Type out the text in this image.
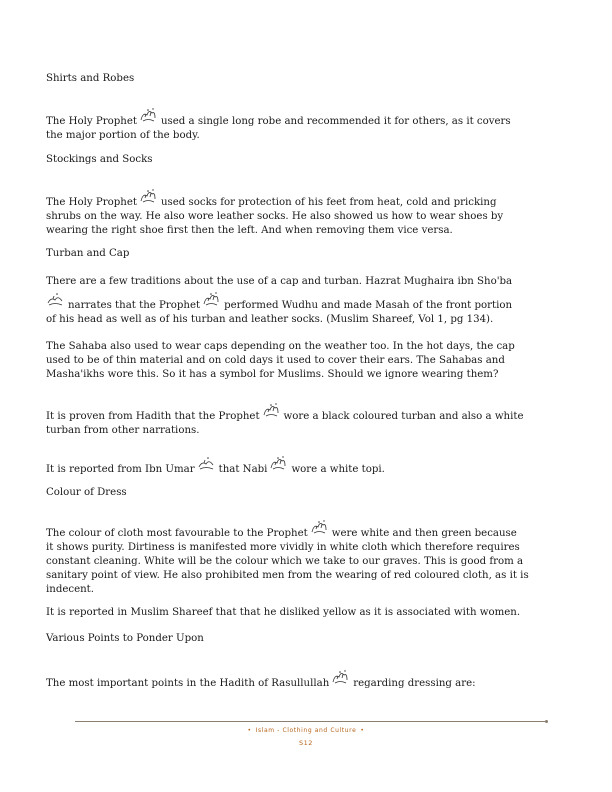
Shirts and Robes
The Holy Prophet used a single long robe and recommended it for others, as it covers
the major portion of the body.
Stockings and Socks
The Holy Prophet used socks for protection of his feet from heat, cold and pricking
shrubs on the way. He also wore leather socks. He also showed us how to wear shoes by
wearing the right shoe first then the left. And when removing them vice versa.
Turban and Cap
There are a few traditions about the use of a cap and turban. Hazrat Mughaira ibn Sho'ba
narrates that the Prophet performed Wudhu and made Masah of the front portion
of his head as well as of his turban and leather socks. (Muslim Shareef, Vol 1, pg 134).
The Sahaba also used to wear caps depending on the weather too. In the hot days, the cap
used to be of thin material and on cold days it used to cover their ears. The Sahabas and
Masha'ikhs wore this. So it has a symbol for Muslims. Should we ignore wearing them?
It is proven from Hadith that the Prophet wore a black coloured turban and also a white
turban from other narrations.
It is reported from Ibn Umar that Nabi wore a white topi.
Colour of Dress
The colour of cloth most favourable to the Prophet were white and then green because
it shows purity. Dirtiness is manifested more vividly in white cloth which therefore requires
constant cleaning. White will be the colour which we take to our graves. This is good from a
sanitary point of view. He also prohibited men from the wearing of red coloured cloth, as it is
indecent.
It is reported in Muslim Shareef that that he disliked yellow as it is associated with women.
Various Points to Ponder Upon
The most important points in the Hadith of Rasullullah regarding dressing are:
• Islam - Clothing and Culture •
S12
